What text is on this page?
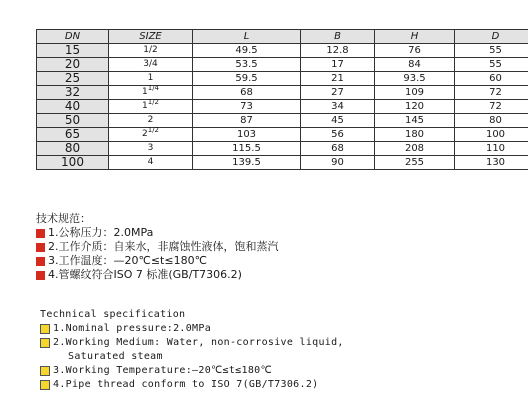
DN	SIZE	L	B	H	D
15	1/2	49.5	12.8	76	55
20	3/4	53.5	17	84	55
25	1	59.5	21	93.5	60
32	$1^{1/4}$	68	27	109	72
40	$1^{1/2}$	73	34	120	72
50	2	87	45	145	80
65	$2^{1/2}$	103	56	180	100
80	3	115.5	68	208	110
100	4	139.5	90	255	130
技术规范：
1.公称压力：2.0MPa
2.工作介质：自来水，非腐蚀性液体，饱和蒸汽
3.工作温度：—20℃≤t≤180℃
4.管螺纹符合ISO 7 标准(GB/T7306.2)
Technical specification
1.Nominal pressure:2.0MPa
2.Working Medium: Water, non-corrosive liquid,
Saturated steam
3.Working Temperature:—20℃≤t≤180℃
4.Pipe thread conform to ISO 7(GB/T7306.2)
